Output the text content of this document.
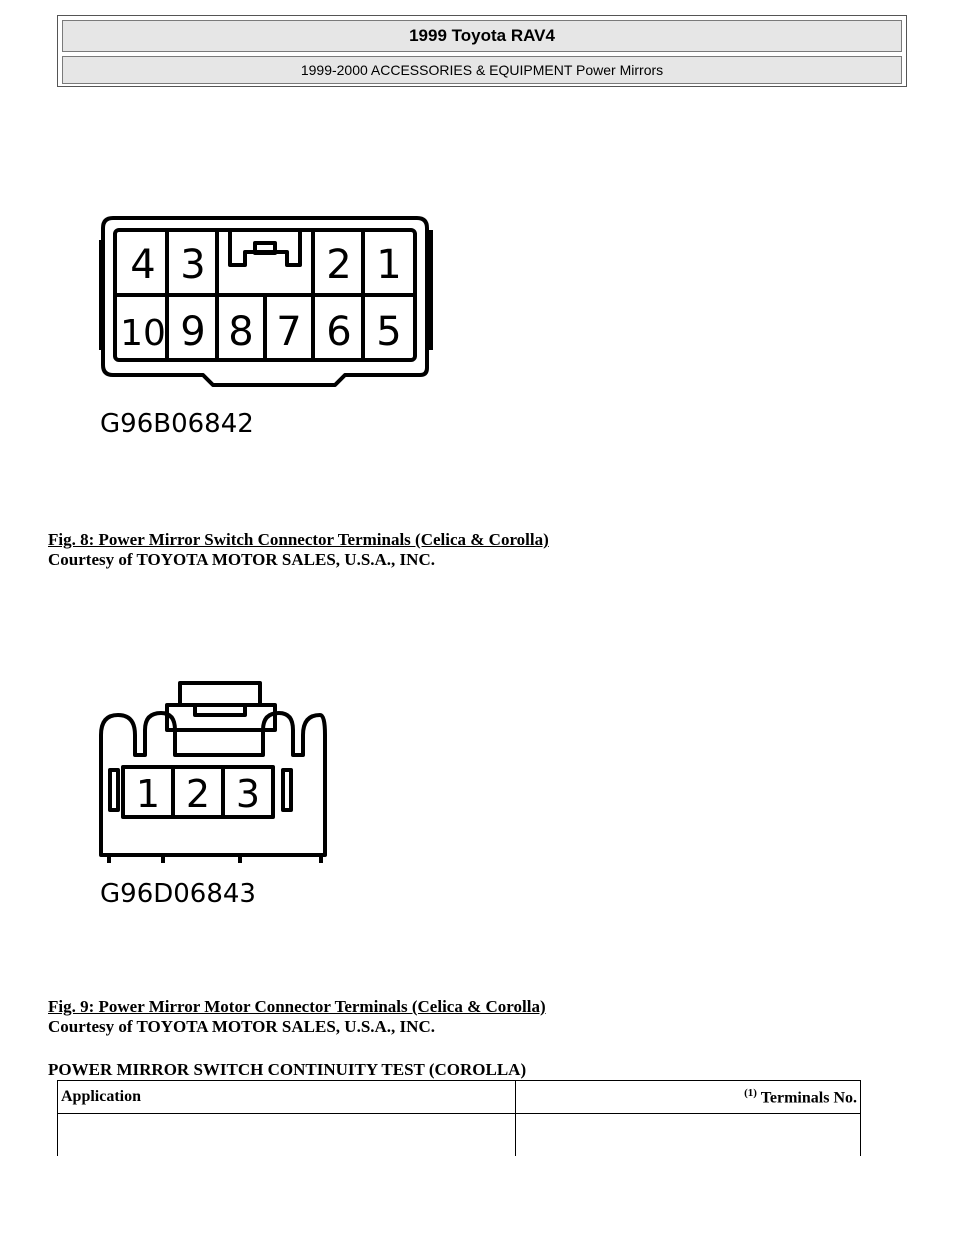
1999 Toyota RAV4
1999-2000 ACCESSORIES & EQUIPMENT Power Mirrors
4 3	2 1
10 9 8 7 6 5
G96B06842
Fig. 8: Power Mirror Switch Connector Terminals (Celica & Corolla)
Courtesy of TOYOTA MOTOR SALES, U.S.A., INC.
1 2 3
G96D06843
Fig. 9: Power Mirror Motor Connector Terminals (Celica & Corolla)
Courtesy of TOYOTA MOTOR SALES, U.S.A., INC.
POWER MIRROR SWITCH CONTINUITY TEST (COROLLA)
Application	$^{(1)}$ Terminals No.
